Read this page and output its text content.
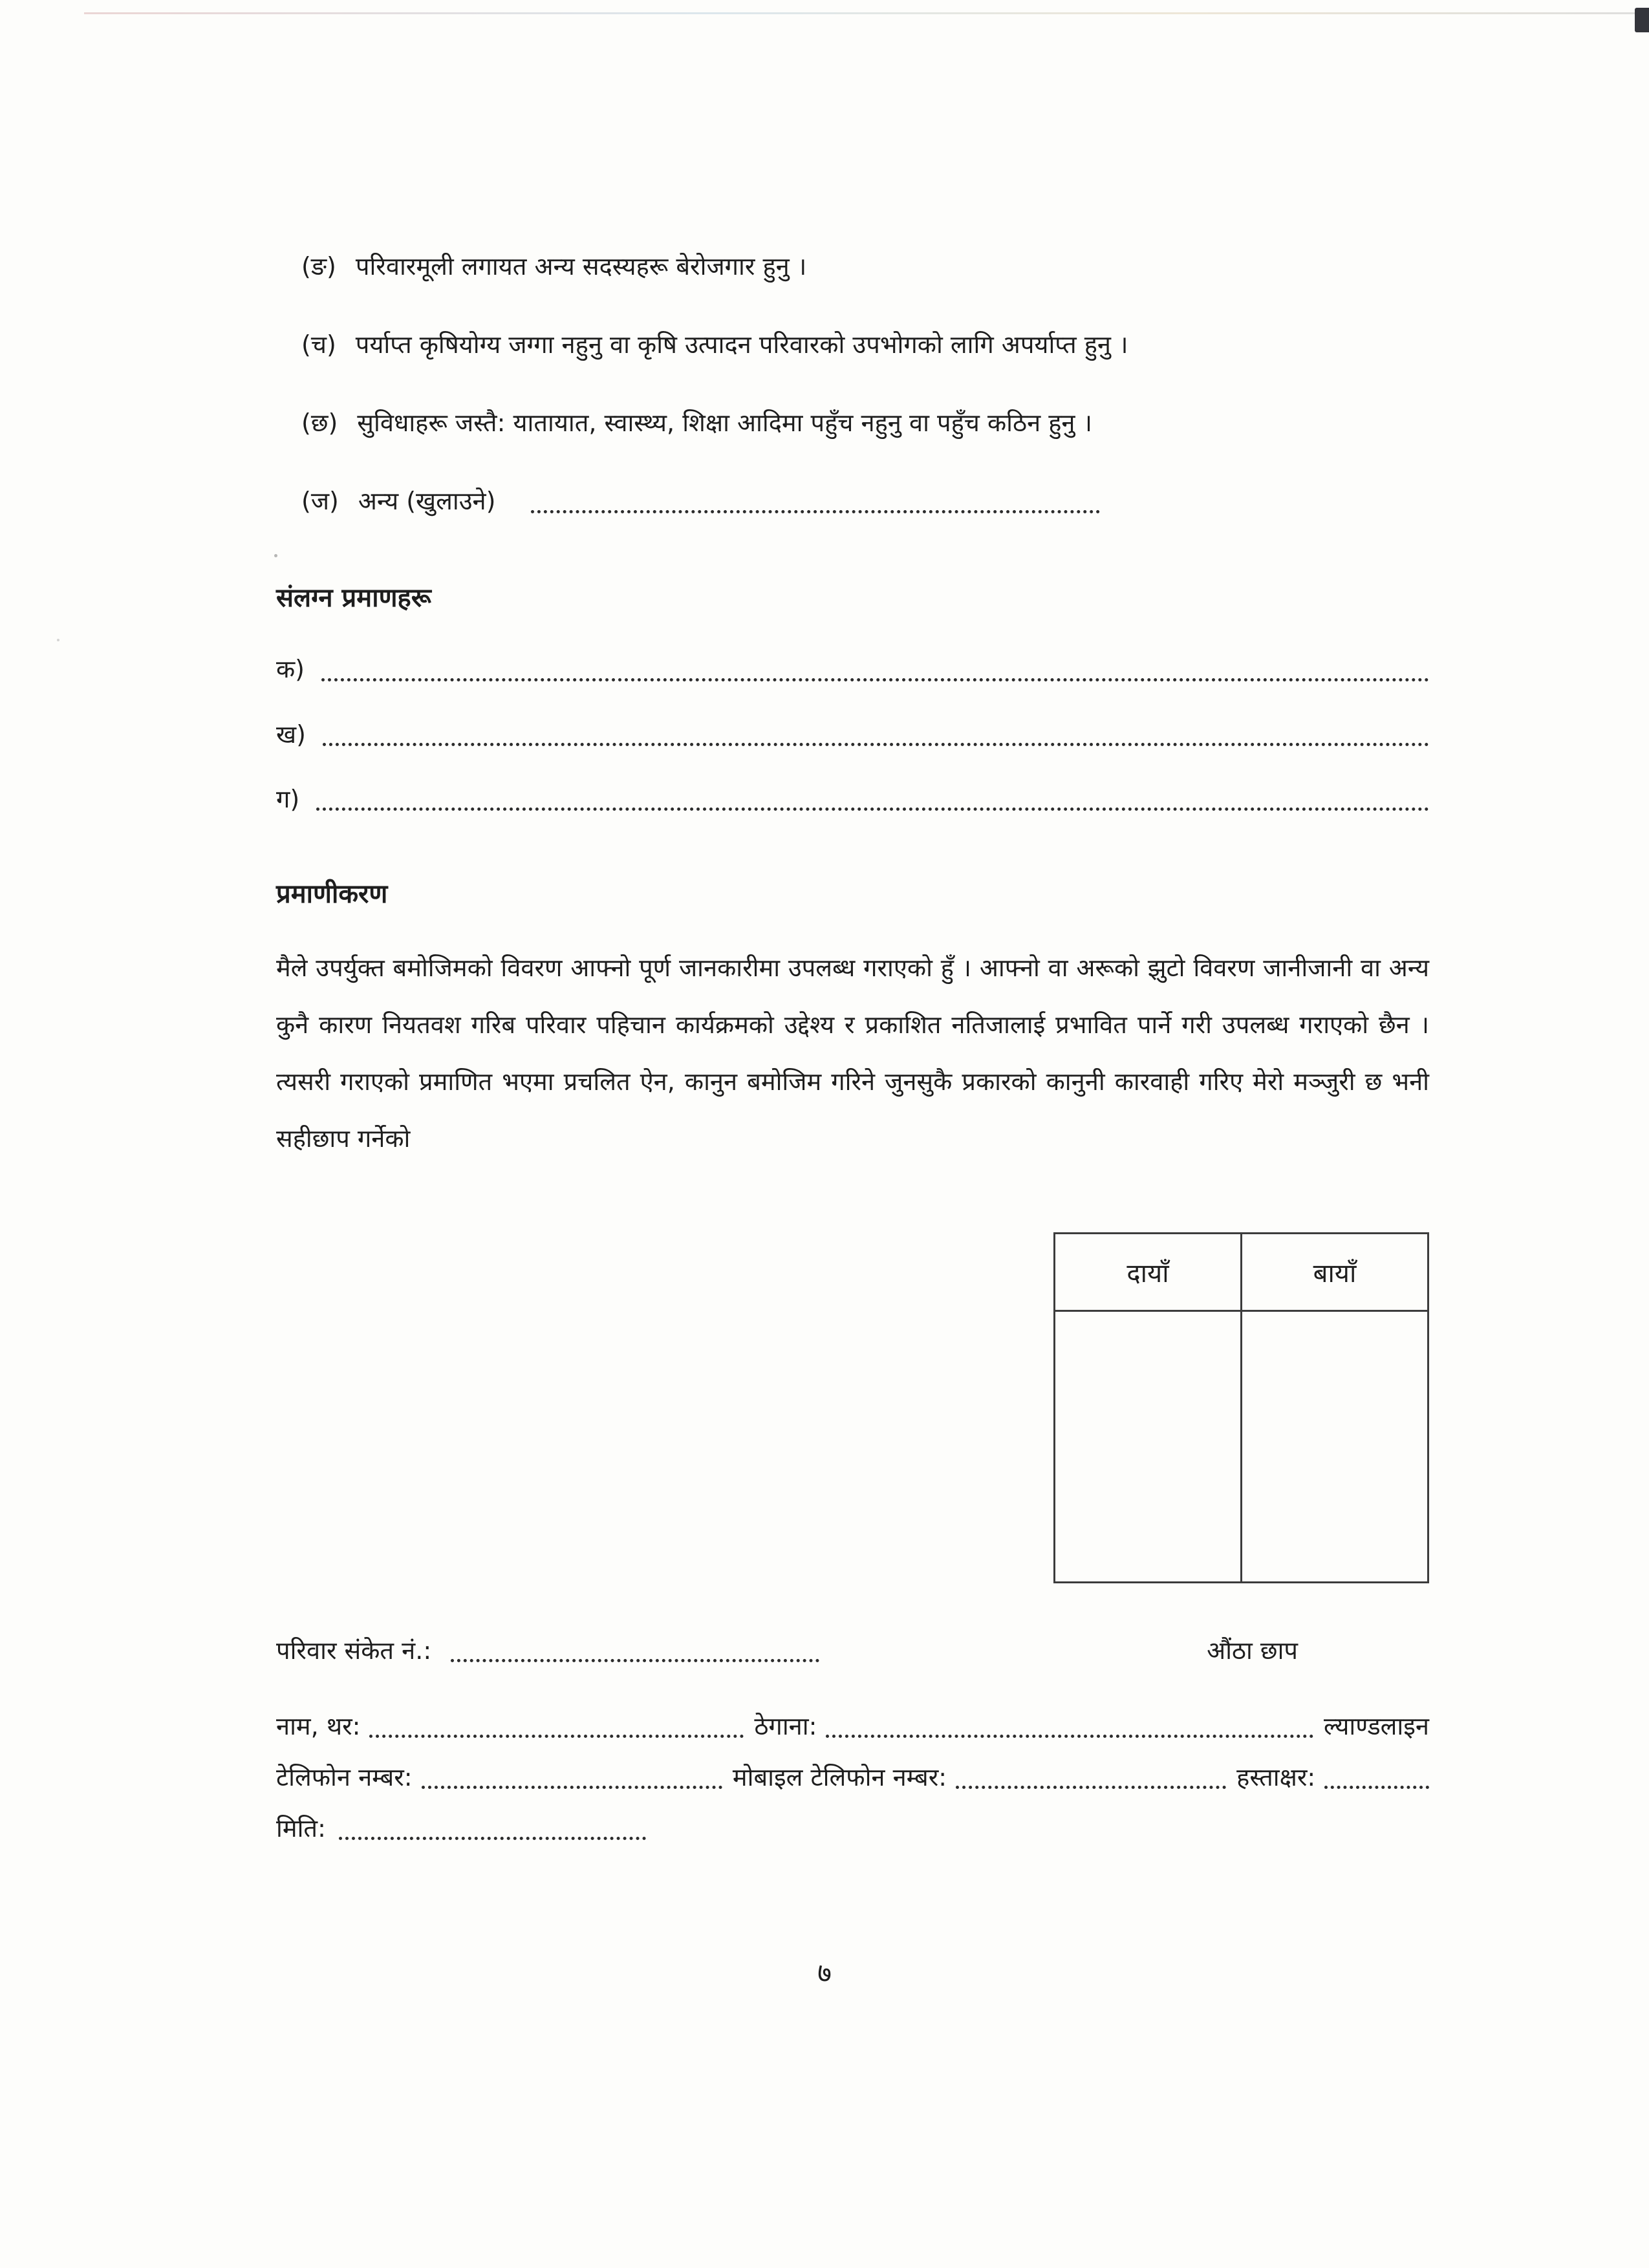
(ङ) परिवारमूली लगायत अन्य सदस्यहरू बेरोजगार हुनु ।
(च) पर्याप्त कृषियोग्य जग्गा नहुनु वा कृषि उत्पादन परिवारको उपभोगको लागि अपर्याप्त हुनु ।
(छ) सुविधाहरू जस्तै: यातायात, स्वास्थ्य, शिक्षा आदिमा पहुँच नहुनु वा पहुँच कठिन हुनु ।
(ज) अन्य (खुलाउने)
संलग्न प्रमाणहरू
क)
ख)
ग)
प्रमाणीकरण

मैले उपर्युक्त बमोजिमको विवरण आफ्नो पूर्ण जानकारीमा उपलब्ध गराएको हुँ । आफ्नो वा अरूको झुटो विवरण जानीजानी वा अन्य कुनै कारण नियतवश गरिब परिवार पहिचान कार्यक्रमको उद्देश्य र प्रकाशित नतिजालाई प्रभावित पार्ने गरी उपलब्ध गराएको छैन । त्यसरी गराएको प्रमाणित भएमा प्रचलित ऐन, कानुन बमोजिम गरिने जुनसुकै प्रकारको कानुनी कारवाही गरिए मेरो मञ्जुरी छ भनी सहीछाप गर्नेको

दायाँ	बायाँ
परिवार संकेत नं.:	औंठा छाप
नाम, थर:	ठेगाना:	ल्याण्डलाइन
टेलिफोन नम्बर:	मोबाइल टेलिफोन नम्बर:	हस्ताक्षर:
मिति:
७
